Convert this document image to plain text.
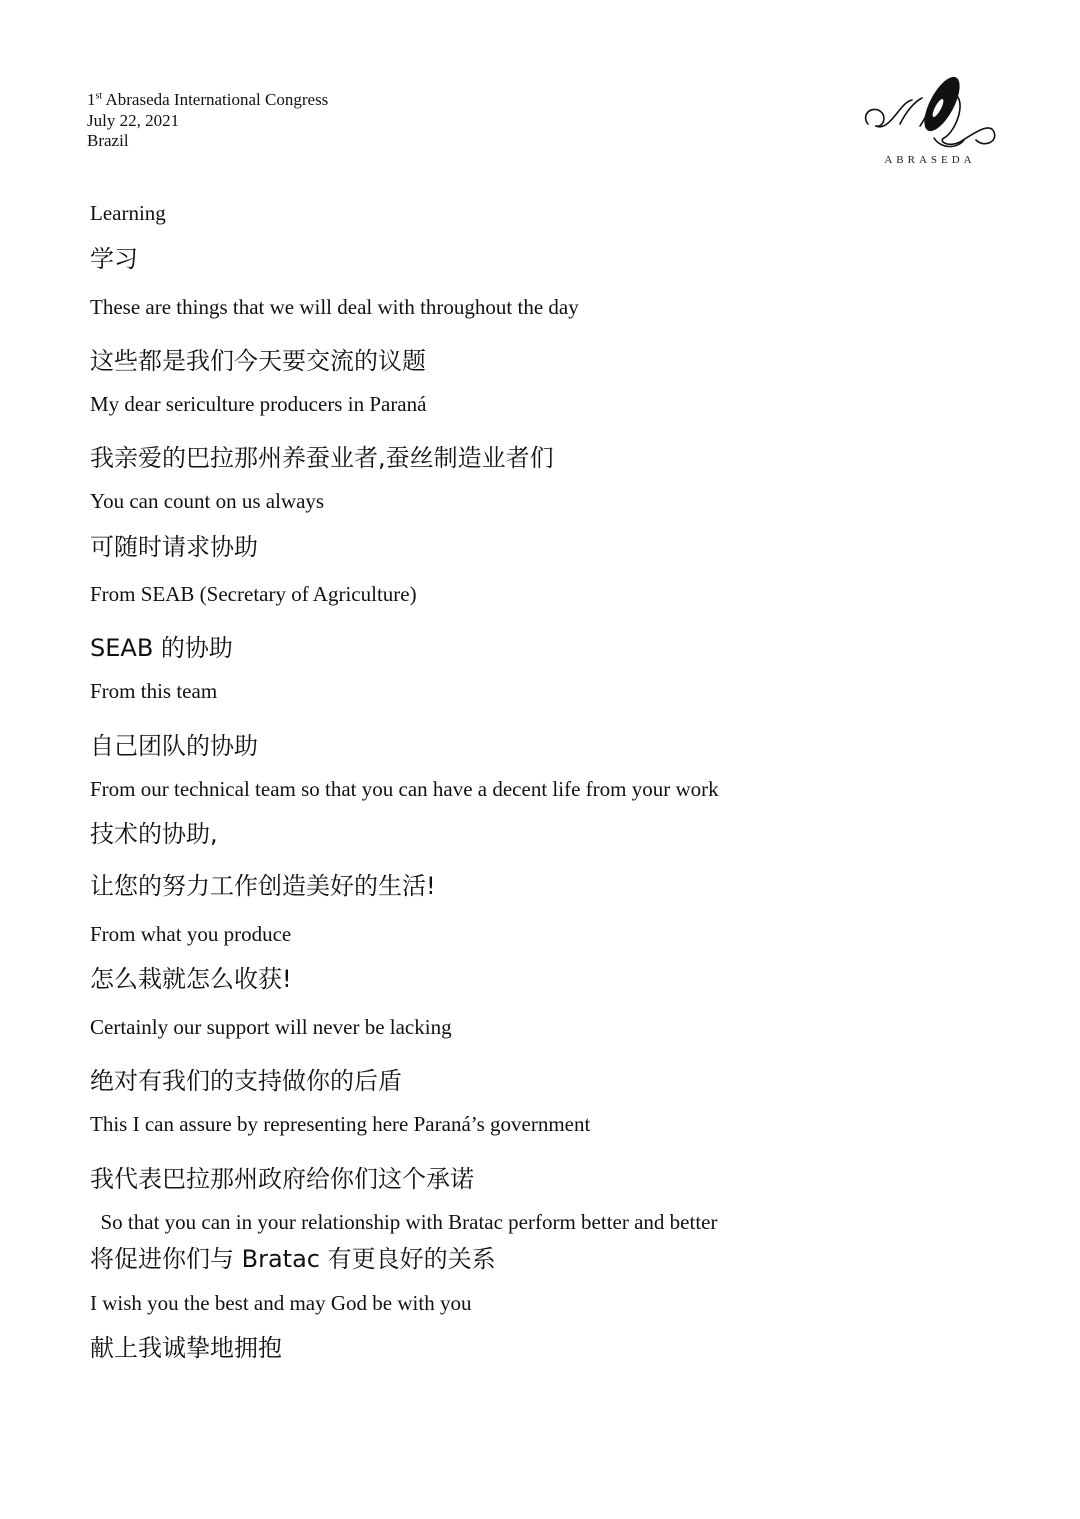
1st Abraseda International Congress
July 22, 2021
Brazil
ABRASEDA
Learning
学习
These are things that we will deal with throughout the day
这些都是我们今天要交流的议题
My dear sericulture producers in Paraná
我亲爱的巴拉那州养蚕业者,蚕丝制造业者们
You can count on us always
可随时请求协助
From SEAB (Secretary of Agriculture)
SEAB 的协助
From this team
自己团队的协助
From our technical team so that you can have a decent life from your work
技术的协助,
让您的努力工作创造美好的生活!
From what you produce
怎么栽就怎么收获!
Certainly our support will never be lacking
绝对有我们的支持做你的后盾
This I can assure by representing here Paraná’s government
我代表巴拉那州政府给你们这个承诺
So that you can in your relationship with Bratac perform better and better
将促进你们与 Bratac 有更良好的关系
I wish you the best and may God be with you
献上我诚挚地拥抱
